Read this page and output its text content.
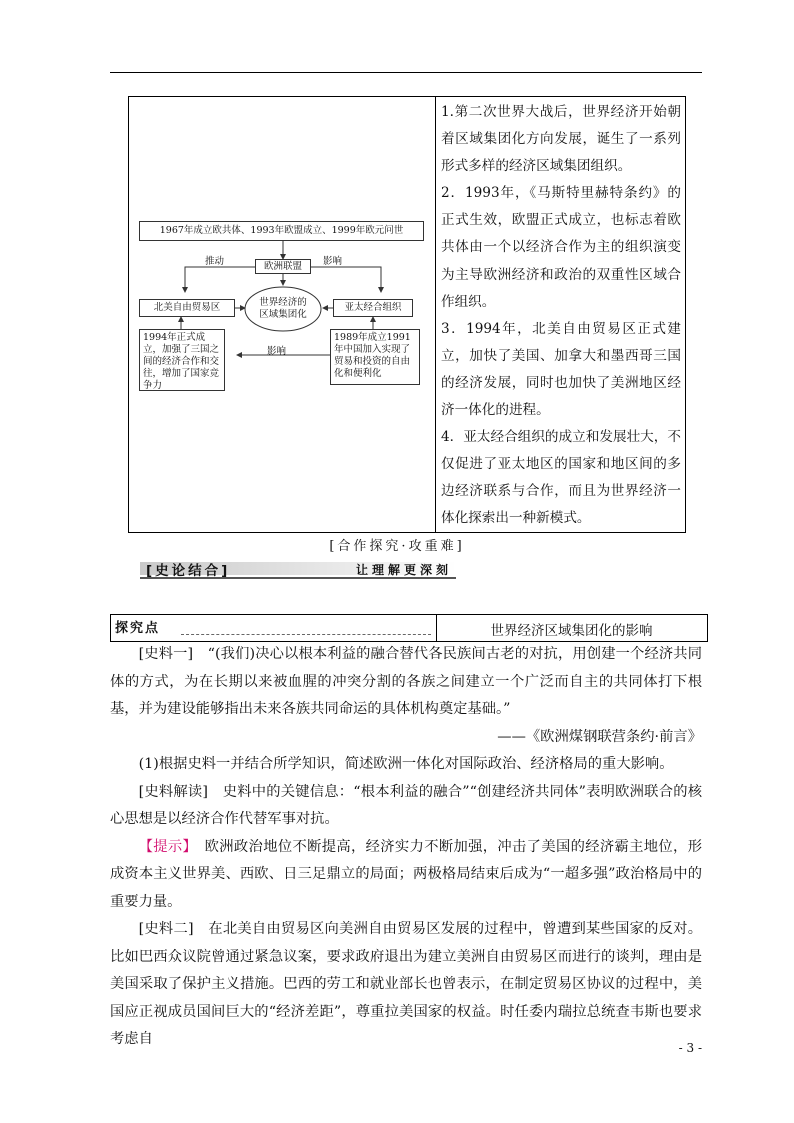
1967年成立欧共体、1993年欧盟成立、1999年欧元问世
推动	欧洲联盟	影响
北美自由贸易区	世界经济的区域集团化
亚太经合组织
1994年正式成立，加强了三国之间的经济合作和交往，增加了国家竞争力
影响
1989年成立1991年中国加入实现了贸易和投资的自由化和便利化

1.第二次世界大战后，世界经济开始朝着区域集团化方向发展，诞生了一系列形式多样的经济区域集团组织。

2．1993年，《马斯特里赫特条约》的正式生效，欧盟正式成立，也标志着欧共体由一个以经济合作为主的组织演变为主导欧洲经济和政治的双重性区域合作组织。

3．1994年，北美自由贸易区正式建立，加快了美国、加拿大和墨西哥三国的经济发展，同时也加快了美洲地区经济一体化的进程。

4．亚太经合组织的成立和发展壮大，不仅促进了亚太地区的国家和地区间的多边经济联系与合作，而且为世界经济一体化探索出一种新模式。

[合作探究·攻重难]
[史论结合]	让理解更深刻
探究点	世界经济区域集团化的影响

[史料一]　“(我们)决心以根本利益的融合替代各民族间古老的对抗，用创建一个经济共同体的方式，为在长期以来被血腥的冲突分割的各族之间建立一个广泛而自主的共同体打下根基，并为建设能够指出未来各族共同命运的具体机构奠定基础。”

——《欧洲煤钢联营条约·前言》

(1)根据史料一并结合所学知识，简述欧洲一体化对国际政治、经济格局的重大影响。

[史料解读]　史料中的关键信息：“根本利益的融合”“创建经济共同体”表明欧洲联合的核心思想是以经济合作代替军事对抗。

【提示】　欧洲政治地位不断提高，经济实力不断加强，冲击了美国的经济霸主地位，形成资本主义世界美、西欧、日三足鼎立的局面；两极格局结束后成为“一超多强”政治格局中的重要力量。

[史料二]　在北美自由贸易区向美洲自由贸易区发展的过程中，曾遭到某些国家的反对。比如巴西众议院曾通过紧急议案，要求政府退出为建立美洲自由贸易区而进行的谈判，理由是美国采取了保护主义措施。巴西的劳工和就业部长也曾表示，在制定贸易区协议的过程中，美国应正视成员国间巨大的“经济差距”，尊重拉美国家的权益。时任委内瑞拉总统查韦斯也要求考虑自

- 3 -
